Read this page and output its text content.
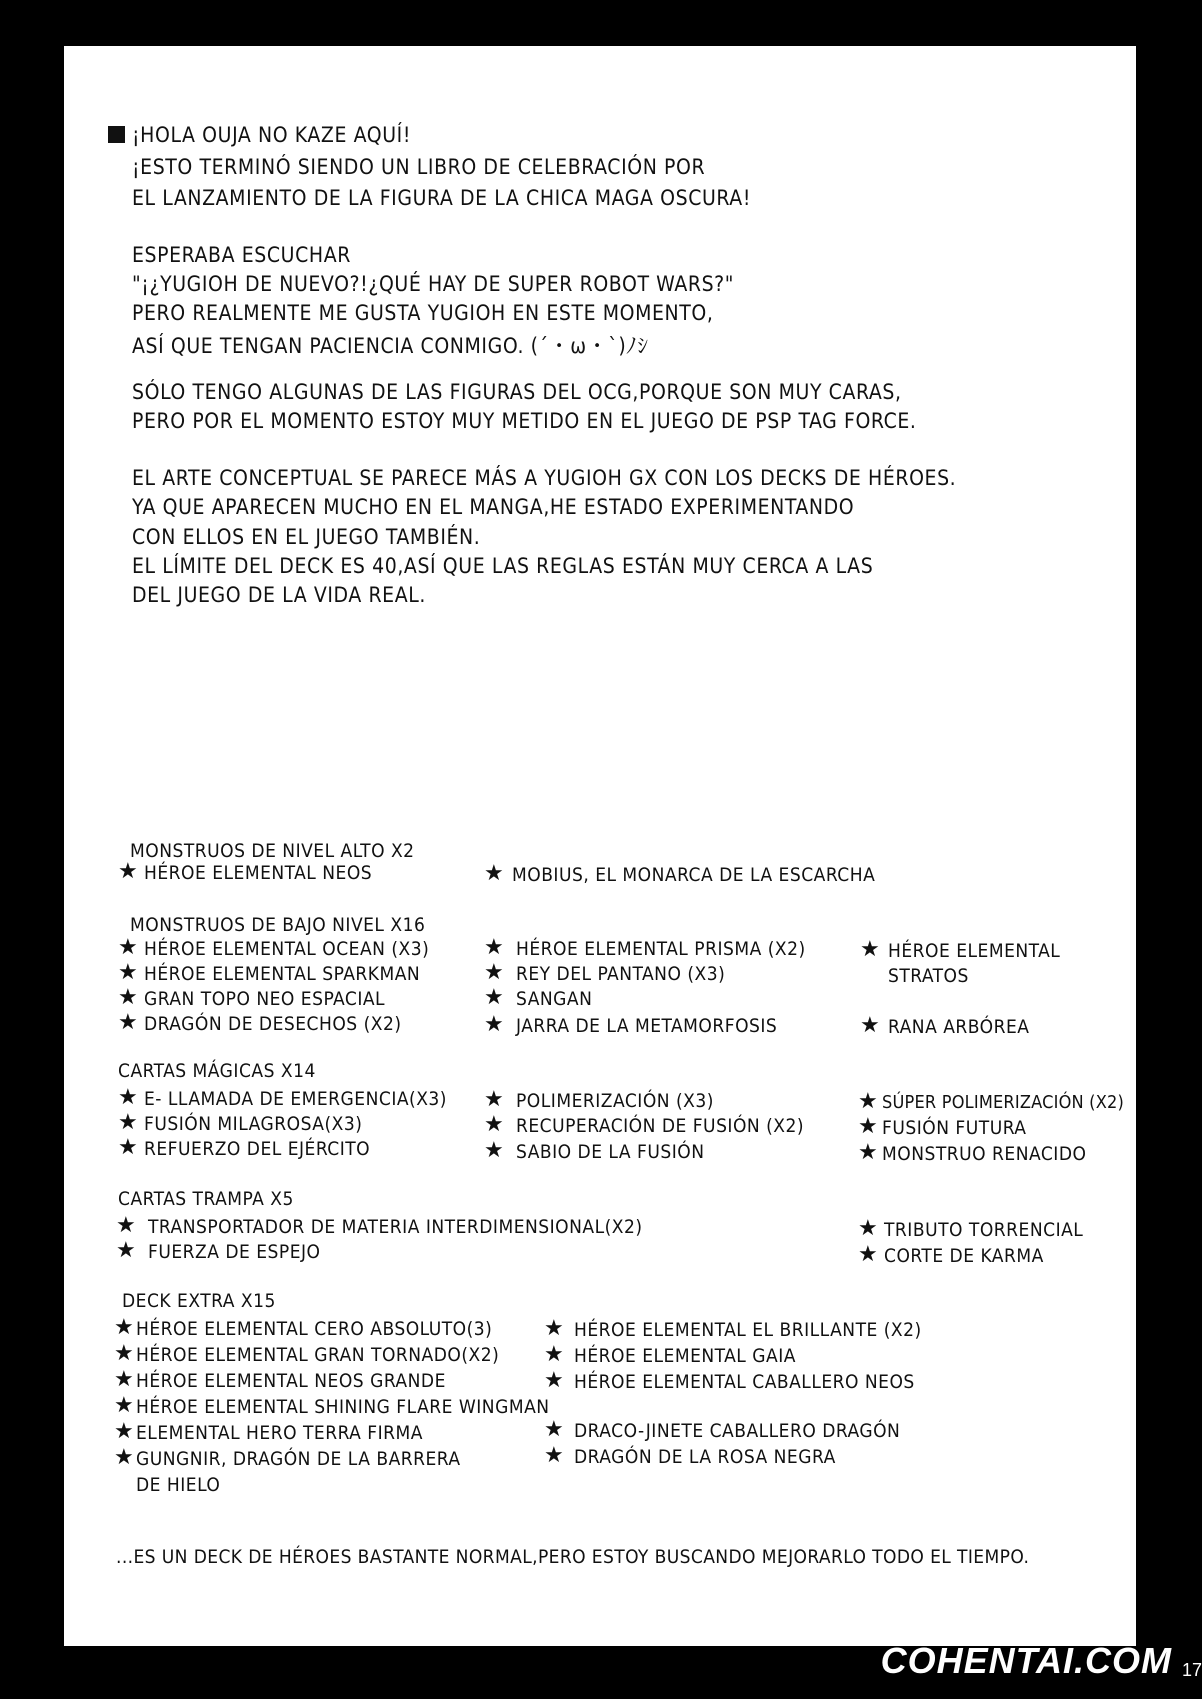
¡HOLA OUJA NO KAZE AQUÍ!
¡ESTO TERMINÓ SIENDO UN LIBRO DE CELEBRACIÓN POR
EL LANZAMIENTO DE LA FIGURA DE LA CHICA MAGA OSCURA!
ESPERABA ESCUCHAR
"¡¿YUGIOH DE NUEVO?!¿QUÉ HAY DE SUPER ROBOT WARS?"
PERO REALMENTE ME GUSTA YUGIOH EN ESTE MOMENTO,
ASÍ QUE TENGAN PACIENCIA CONMIGO. (´・ω・`)ﾉｼ
SÓLO TENGO ALGUNAS DE LAS FIGURAS DEL OCG,PORQUE SON MUY CARAS,
PERO POR EL MOMENTO ESTOY MUY METIDO EN EL JUEGO DE PSP TAG FORCE.
EL ARTE CONCEPTUAL SE PARECE MÁS A YUGIOH GX CON LOS DECKS DE HÉROES.
YA QUE APARECEN MUCHO EN EL MANGA,HE ESTADO EXPERIMENTANDO
CON ELLOS EN EL JUEGO TAMBIÉN.
EL LÍMITE DEL DECK ES 40,ASÍ QUE LAS REGLAS ESTÁN MUY CERCA A LAS
DEL JUEGO DE LA VIDA REAL.
MONSTRUOS DE NIVEL ALTO X2
★ HÉROE ELEMENTAL NEOS	★ MOBIUS, EL MONARCA DE LA ESCARCHA
MONSTRUOS DE BAJO NIVEL X16
★ HÉROE ELEMENTAL OCEAN (X3)
★ HÉROE ELEMENTAL SPARKMAN
★ GRAN TOPO NEO ESPACIAL
★ DRAGÓN DE DESECHOS (X2)
★ HÉROE ELEMENTAL PRISMA (X2)
★ REY DEL PANTANO (X3)
★ SANGAN
★ JARRA DE LA METAMORFOSIS
★ HÉROE ELEMENTAL
STRATOS
★ RANA ARBÓREA
CARTAS MÁGICAS X14
★ E- LLAMADA DE EMERGENCIA(X3)
★ FUSIÓN MILAGROSA(X3)
★ REFUERZO DEL EJÉRCITO
★ POLIMERIZACIÓN (X3)
★ RECUPERACIÓN DE FUSIÓN (X2)
★ SABIO DE LA FUSIÓN
★ SÚPER POLIMERIZACIÓN (X2)
★ FUSIÓN FUTURA
★ MONSTRUO RENACIDO
CARTAS TRAMPA X5
★ TRANSPORTADOR DE MATERIA INTERDIMENSIONAL(X2)
★ FUERZA DE ESPEJO
★ TRIBUTO TORRENCIAL
★ CORTE DE KARMA
DECK EXTRA X15
★ HÉROE ELEMENTAL CERO ABSOLUTO(3)
★ HÉROE ELEMENTAL GRAN TORNADO(X2)
★ HÉROE ELEMENTAL NEOS GRANDE
★ HÉROE ELEMENTAL SHINING FLARE WINGMAN
★ ELEMENTAL HERO TERRA FIRMA
★ GUNGNIR, DRAGÓN DE LA BARRERA
DE HIELO
★ HÉROE ELEMENTAL EL BRILLANTE (X2)
★ HÉROE ELEMENTAL GAIA
★ HÉROE ELEMENTAL CABALLERO NEOS
★ DRACO-JINETE CABALLERO DRAGÓN
★ DRAGÓN DE LA ROSA NEGRA
...ES UN DECK DE HÉROES BASTANTE NORMAL,PERO ESTOY BUSCANDO MEJORARLO TODO EL TIEMPO.
COHENTAI.COM 17
